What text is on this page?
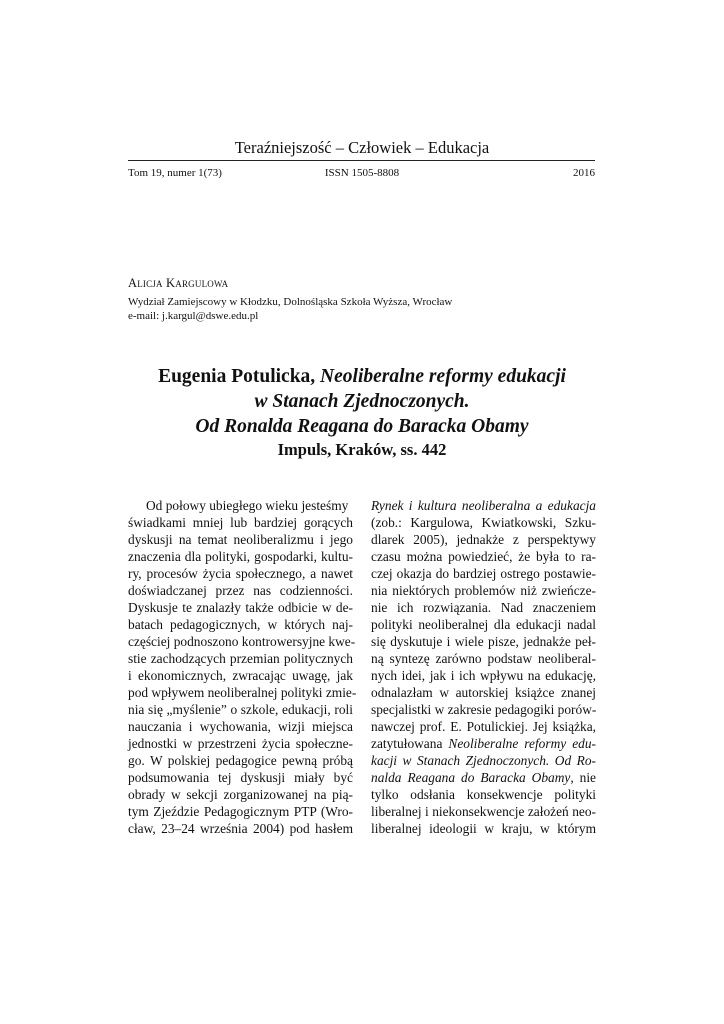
Teraźniejszość – Człowiek – Edukacja
Tom 19, numer 1(73)	ISSN 1505-8808	2016
Alicja Kargulowa
Wydział Zamiejscowy w Kłodzku, Dolnośląska Szkoła Wyższa, Wrocław
e-mail: j.kargul@dswe.edu.pl
Eugenia Potulicka, Neoliberalne reformy edukacji
w Stanach Zjednoczonych.
Od Ronalda Reagana do Baracka Obamy
Impuls, Kraków, ss. 442
Od połowy ubiegłego wieku jesteśmy
świadkami mniej lub bardziej gorących
dyskusji na temat neoliberalizmu i jego
znaczenia dla polityki, gospodarki, kultu-
ry, procesów życia społecznego, a nawet
doświadczanej przez nas codzienności.
Dyskusje te znalazły także odbicie w de-
batach pedagogicznych, w których naj-
częściej podnoszono kontrowersyjne kwe-
stie zachodzących przemian politycznych
i ekonomicznych, zwracając uwagę, jak
pod wpływem neoliberalnej polityki zmie-
nia się „myślenie” o szkole, edukacji, roli
nauczania i wychowania, wizji miejsca
jednostki w przestrzeni życia społeczne-
go. W polskiej pedagogice pewną próbą
podsumowania tej dyskusji miały być
obrady w sekcji zorganizowanej na pią-
tym Zjeździe Pedagogicznym PTP (Wro-
cław, 23–24 września 2004) pod hasłem
Rynek i kultura neoliberalna a edukacja
(zob.: Kargulowa, Kwiatkowski, Szku-
dlarek 2005), jednakże z perspektywy
czasu można powiedzieć, że była to ra-
czej okazja do bardziej ostrego postawie-
nia niektórych problemów niż zwieńcze-
nie ich rozwiązania. Nad znaczeniem
polityki neoliberalnej dla edukacji nadal
się dyskutuje i wiele pisze, jednakże peł-
ną syntezę zarówno podstaw neoliberal-
nych idei, jak i ich wpływu na edukację,
odnalazłam w autorskiej książce znanej
specjalistki w zakresie pedagogiki porów-
nawczej prof. E. Potulickiej. Jej książka,
zatytułowana Neoliberalne reformy edu-
kacji w Stanach Zjednoczonych. Od Ro-
nalda Reagana do Baracka Obamy, nie
tylko odsłania konsekwencje polityki
liberalnej i niekonsekwencje założeń neo-
liberalnej ideologii w kraju, w którym
